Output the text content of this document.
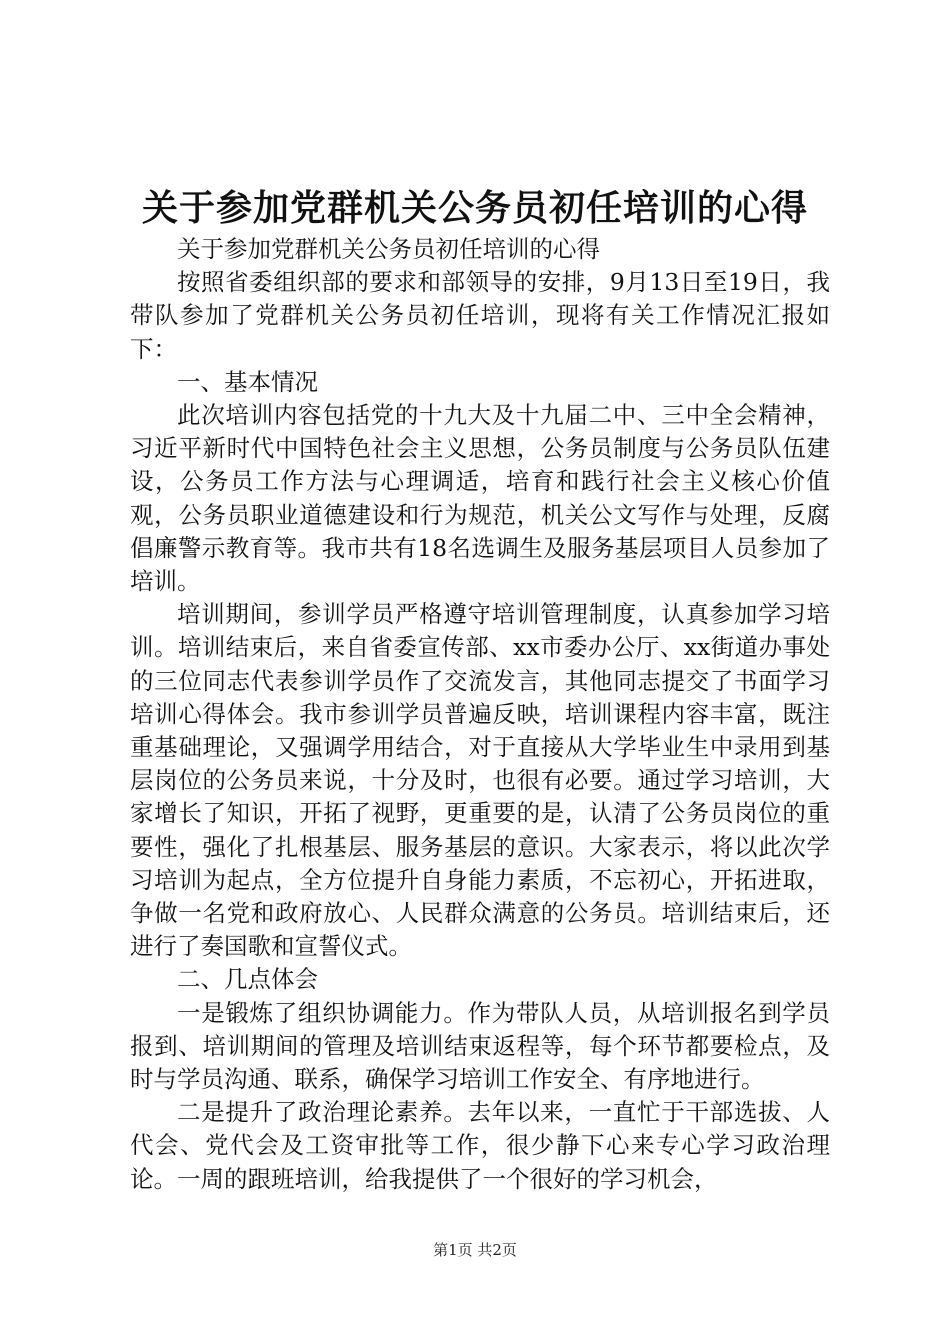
关于参加党群机关公务员初任培训的心得

关于参加党群机关公务员初任培训的心得

按照省委组织部的要求和部领导的安排，9月13日至19日，我带队参加了党群机关公务员初任培训，现将有关工作情况汇报如下：

一、基本情况

此次培训内容包括党的十九大及十九届二中、三中全会精神，习近平新时代中国特色社会主义思想，公务员制度与公务员队伍建设，公务员工作方法与心理调适，培育和践行社会主义核心价值观，公务员职业道德建设和行为规范，机关公文写作与处理，反腐倡廉警示教育等。我市共有18名选调生及服务基层项目人员参加了培训。

培训期间，参训学员严格遵守培训管理制度，认真参加学习培训。培训结束后，来自省委宣传部、xx市委办公厅、xx街道办事处的三位同志代表参训学员作了交流发言，其他同志提交了书面学习培训心得体会。我市参训学员普遍反映，培训课程内容丰富，既注重基础理论，又强调学用结合，对于直接从大学毕业生中录用到基层岗位的公务员来说，十分及时，也很有必要。通过学习培训，大家增长了知识，开拓了视野，更重要的是，认清了公务员岗位的重要性，强化了扎根基层、服务基层的意识。大家表示，将以此次学习培训为起点，全方位提升自身能力素质，不忘初心，开拓进取，争做一名党和政府放心、人民群众满意的公务员。培训结束后，还进行了奏国歌和宣誓仪式。

二、几点体会

一是锻炼了组织协调能力。作为带队人员，从培训报名到学员报到、培训期间的管理及培训结束返程等，每个环节都要检点，及时与学员沟通、联系，确保学习培训工作安全、有序地进行。

二是提升了政治理论素养。去年以来，一直忙于干部选拔、人代会、党代会及工资审批等工作，很少静下心来专心学习政治理论。一周的跟班培训，给我提供了一个很好的学习机会，

第1页 共2页
